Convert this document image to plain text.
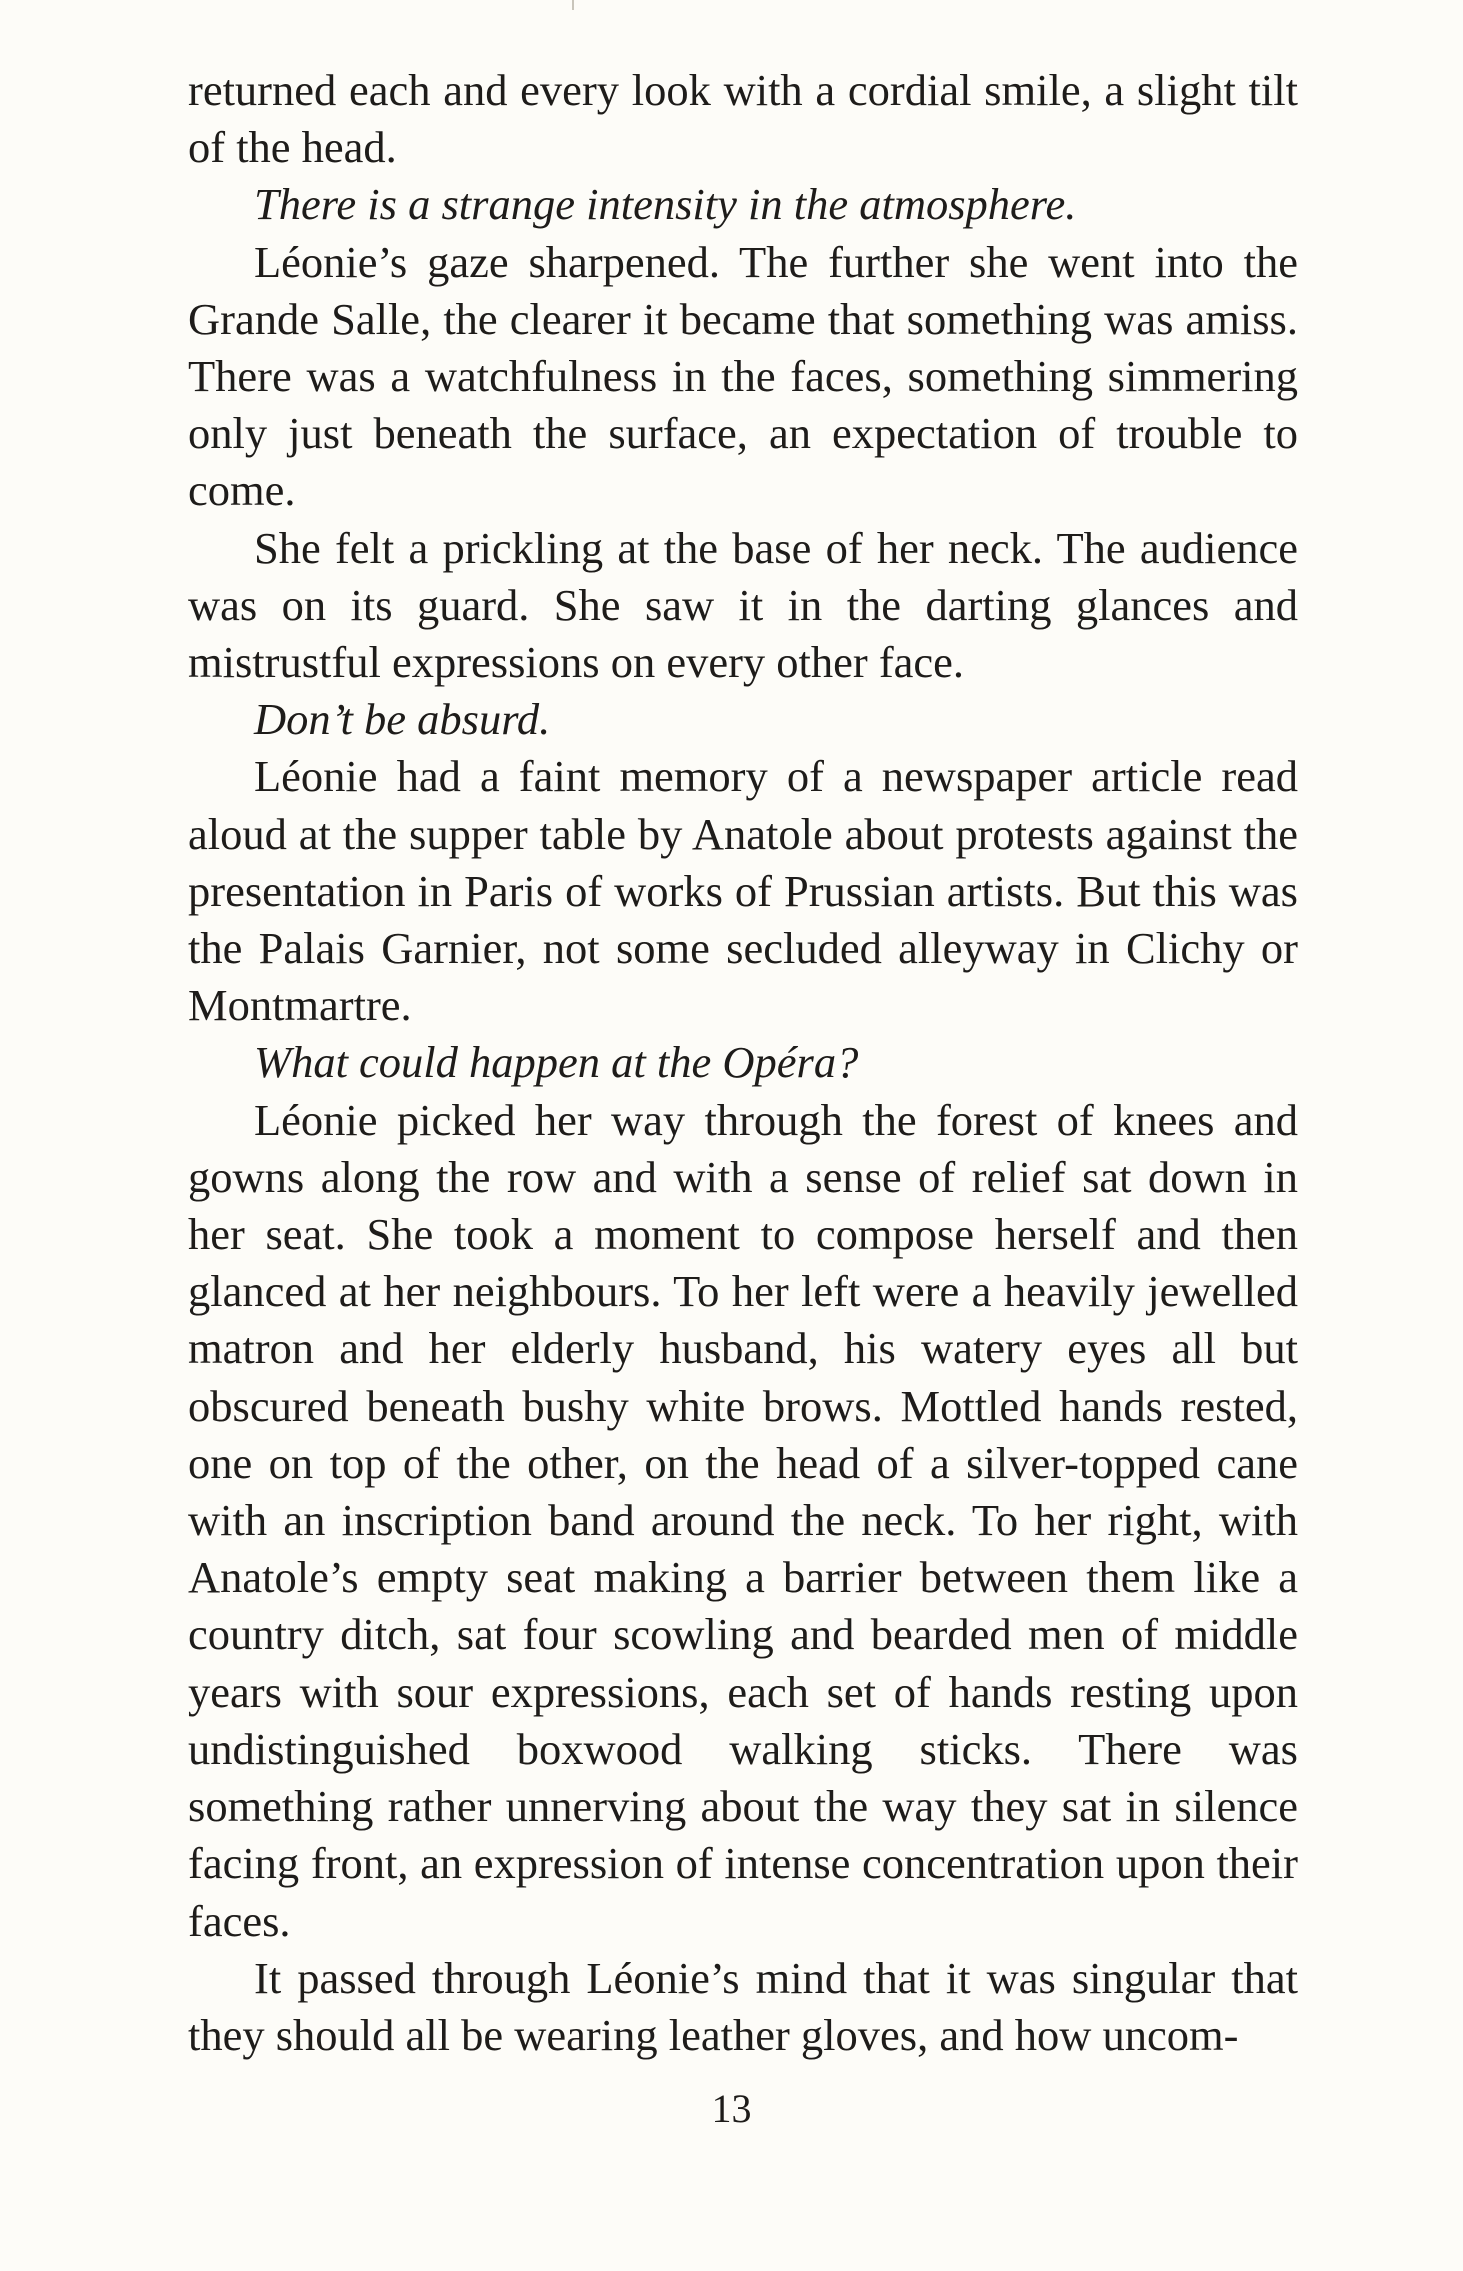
returned each and every look with a cordial smile, a slight tilt of the head.

There is a strange intensity in the atmosphere.

Léonie’s gaze sharpened. The further she went into the Grande Salle, the clearer it became that something was amiss. There was a watchfulness in the faces, something simmering only just beneath the surface, an expectation of trouble to come.

She felt a prickling at the base of her neck. The audience was on its guard. She saw it in the darting glances and mistrustful expressions on every other face.

Don’t be absurd.

Léonie had a faint memory of a newspaper article read aloud at the supper table by Anatole about protests against the presentation in Paris of works of Prussian artists. But this was the Palais Garnier, not some secluded alleyway in Clichy or Montmartre.

What could happen at the Opéra?

Léonie picked her way through the forest of knees and gowns along the row and with a sense of relief sat down in her seat. She took a moment to compose herself and then glanced at her neighbours. To her left were a heavily jewelled matron and her elderly husband, his watery eyes all but obscured beneath bushy white brows. Mottled hands rested, one on top of the other, on the head of a silver-topped cane with an inscription band around the neck. To her right, with Anatole’s empty seat making a barrier between them like a country ditch, sat four scowling and bearded men of middle years with sour expressions, each set of hands resting upon undistinguished boxwood walking sticks. There was something rather unnerving about the way they sat in silence facing front, an expression of intense concentration upon their faces.

It passed through Léonie’s mind that it was singular that they should all be wearing leather gloves, and how uncom-

13
